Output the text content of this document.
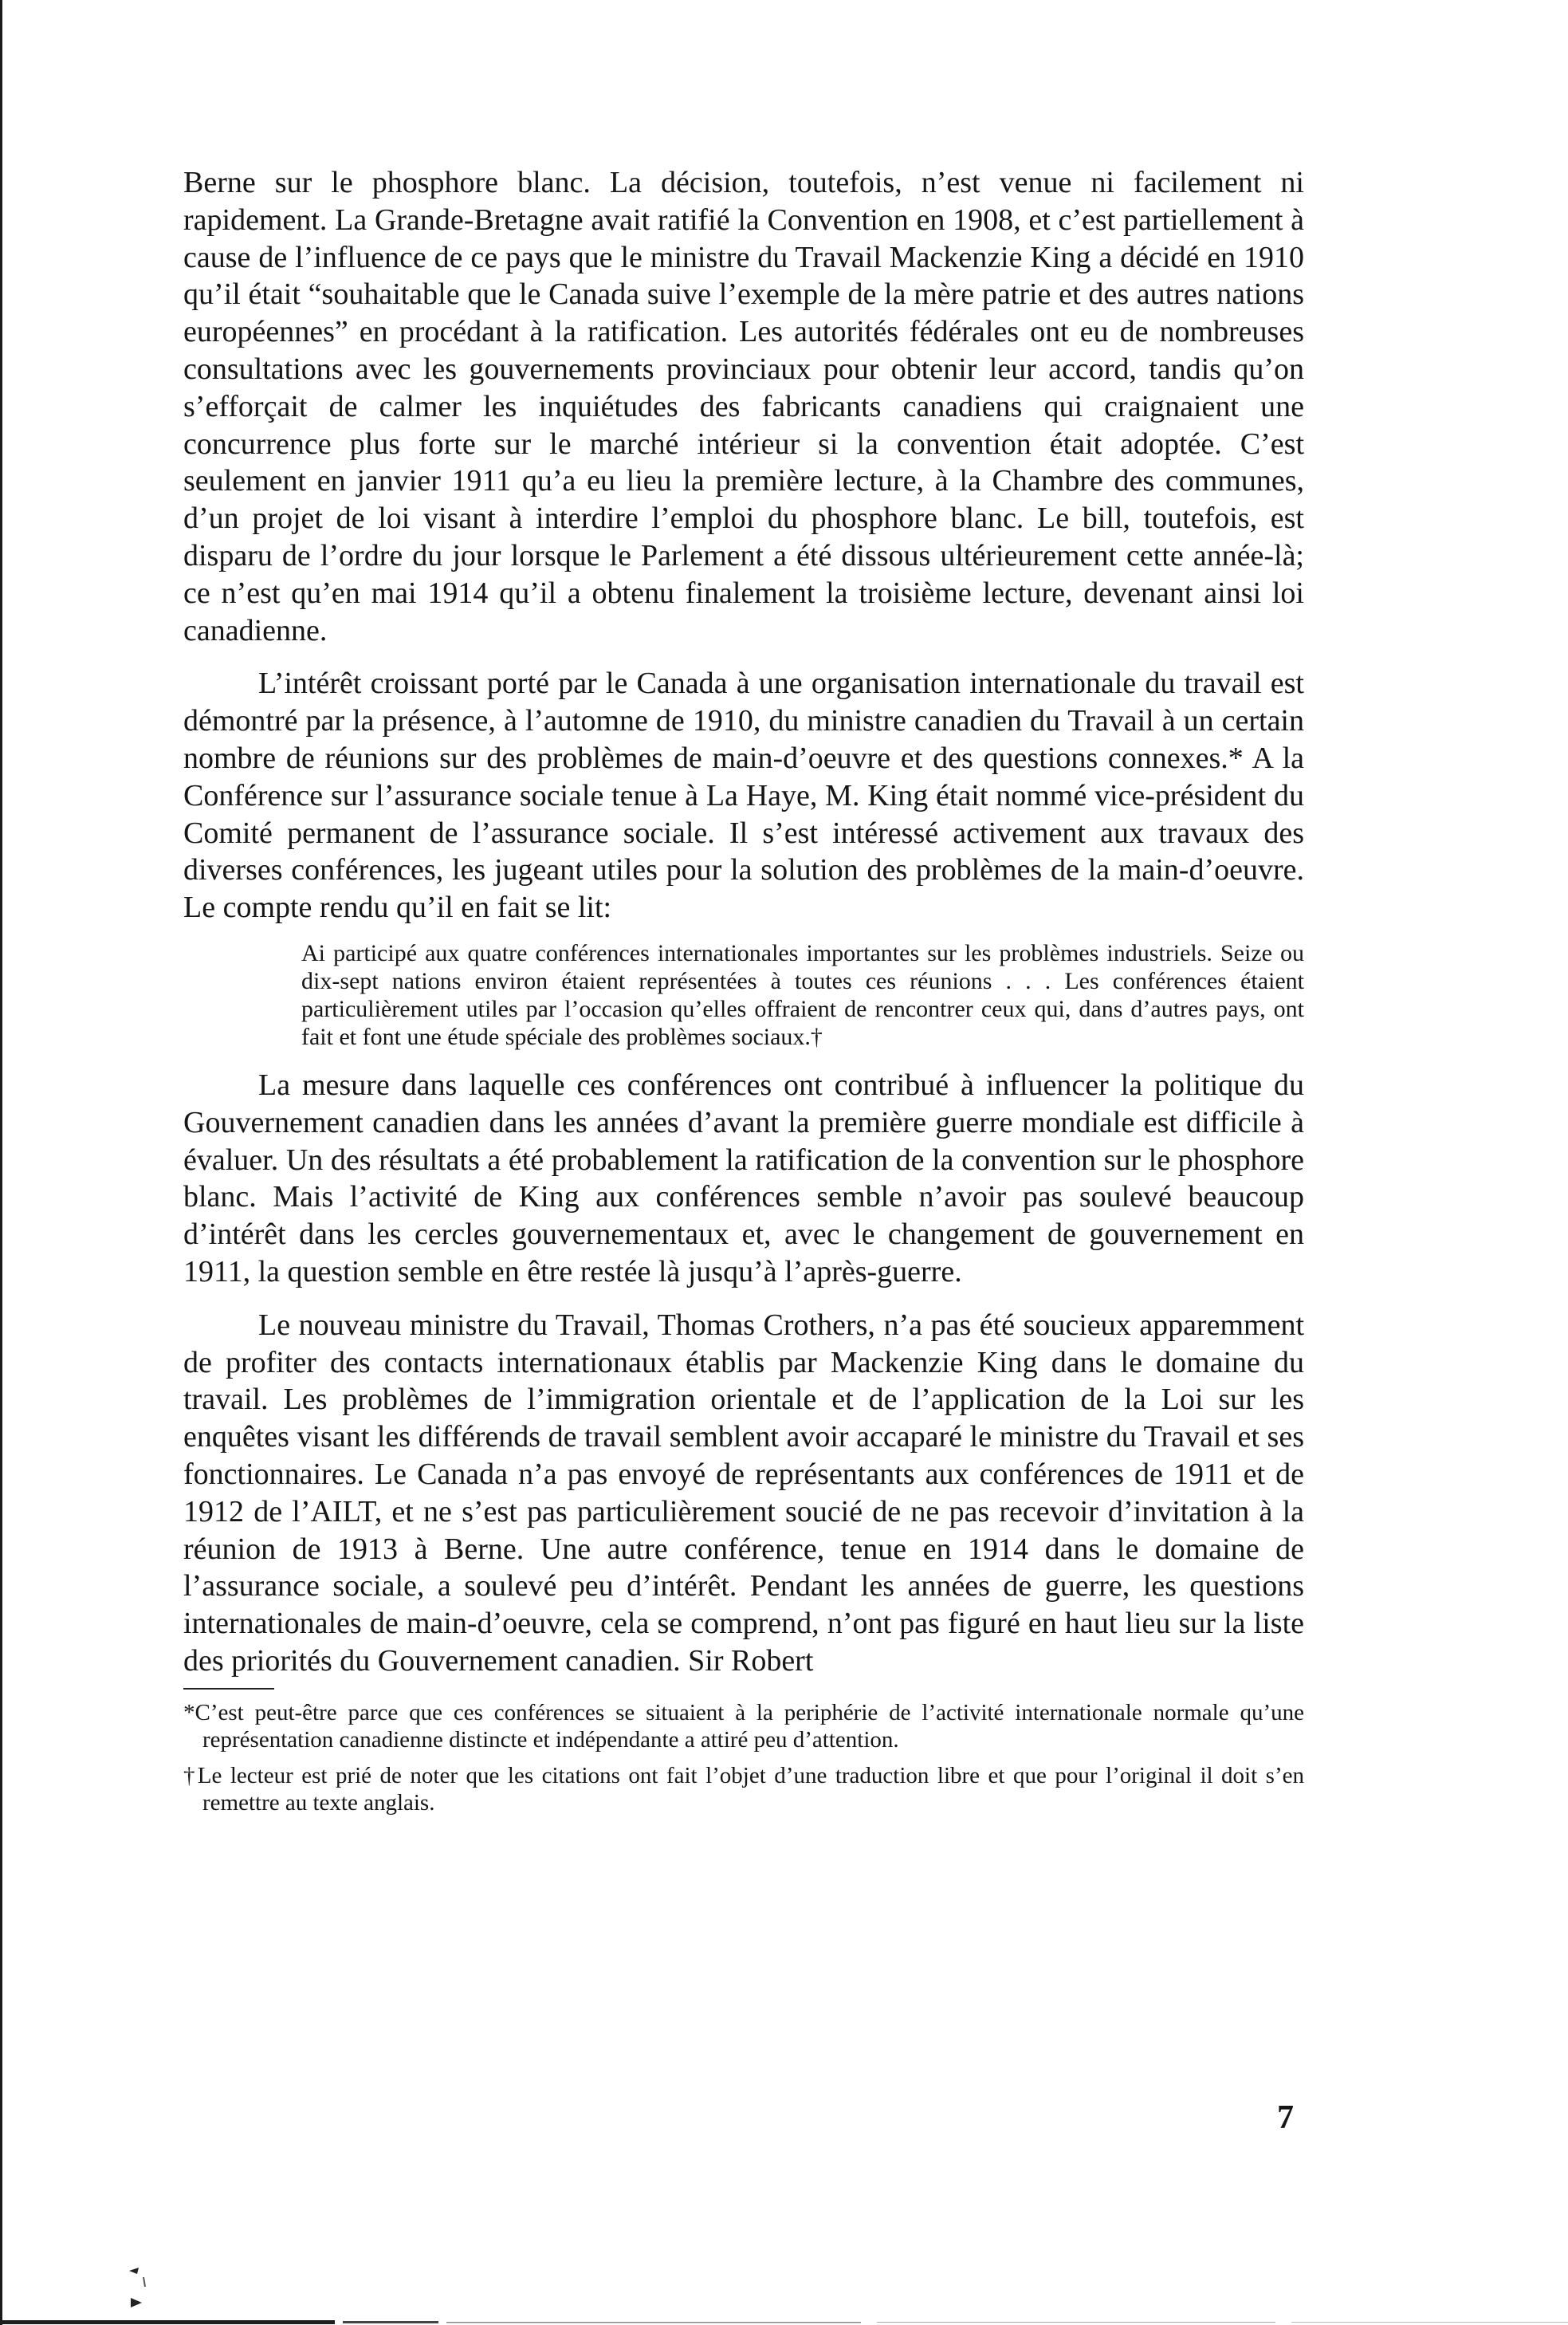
Berne sur le phosphore blanc. La décision, toutefois, n’est venue ni facilement ni rapidement. La Grande-Bretagne avait ratifié la Convention en 1908, et c’est partiellement à cause de l’influence de ce pays que le ministre du Travail Mackenzie King a décidé en 1910 qu’il était “souhaitable que le Canada suive l’exemple de la mère patrie et des autres nations européennes” en procédant à la ratification. Les autorités fédérales ont eu de nombreuses consultations avec les gouvernements provinciaux pour obtenir leur accord, tandis qu’on s’efforçait de calmer les inquiétudes des fabricants canadiens qui craignaient une concurrence plus forte sur le marché intérieur si la convention était adoptée. C’est seulement en janvier 1911 qu’a eu lieu la première lecture, à la Chambre des communes, d’un projet de loi visant à interdire l’emploi du phosphore blanc. Le bill, toutefois, est disparu de l’ordre du jour lorsque le Parlement a été dissous ultérieurement cette année-là; ce n’est qu’en mai 1914 qu’il a obtenu finalement la troisième lecture, devenant ainsi loi canadienne.

L’intérêt croissant porté par le Canada à une organisation internationale du travail est démontré par la présence, à l’automne de 1910, du ministre canadien du Travail à un certain nombre de réunions sur des problèmes de main-d’oeuvre et des questions connexes.* A la Conférence sur l’assurance sociale tenue à La Haye, M. King était nommé vice-président du Comité permanent de l’assurance sociale. Il s’est intéressé activement aux travaux des diverses conférences, les jugeant utiles pour la solution des problèmes de la main-d’oeuvre. Le compte rendu qu’il en fait se lit:

Ai participé aux quatre conférences internationales importantes sur les problèmes industriels. Seize ou dix-sept nations environ étaient représentées à toutes ces réunions . . . Les conférences étaient particulièrement utiles par l’occasion qu’elles offraient de rencontrer ceux qui, dans d’autres pays, ont fait et font une étude spéciale des problèmes sociaux.†

La mesure dans laquelle ces conférences ont contribué à influencer la politique du Gouvernement canadien dans les années d’avant la première guerre mondiale est difficile à évaluer. Un des résultats a été probablement la ratification de la convention sur le phosphore blanc. Mais l’activité de King aux conférences semble n’avoir pas soulevé beaucoup d’intérêt dans les cercles gouvernementaux et, avec le changement de gouvernement en 1911, la question semble en être restée là jusqu’à l’après-guerre.

Le nouveau ministre du Travail, Thomas Crothers, n’a pas été soucieux apparemment de profiter des contacts internationaux établis par Mackenzie King dans le domaine du travail. Les problèmes de l’immigration orientale et de l’application de la Loi sur les enquêtes visant les différends de travail semblent avoir accaparé le ministre du Travail et ses fonctionnaires. Le Canada n’a pas envoyé de représentants aux conférences de 1911 et de 1912 de l’AILT, et ne s’est pas particulièrement soucié de ne pas recevoir d’invitation à la réunion de 1913 à Berne. Une autre conférence, tenue en 1914 dans le domaine de l’assurance sociale, a soulevé peu d’intérêt. Pendant les années de guerre, les questions internationales de main-d’oeuvre, cela se comprend, n’ont pas figuré en haut lieu sur la liste des priorités du Gouvernement canadien. Sir Robert

*C’est peut-être parce que ces conférences se situaient à la periphérie de l’activité internationale normale qu’une représentation canadienne distincte et indépendante a attiré peu d’attention.

†Le lecteur est prié de noter que les citations ont fait l’objet d’une traduction libre et que pour l’original il doit s’en remettre au texte anglais.

7
